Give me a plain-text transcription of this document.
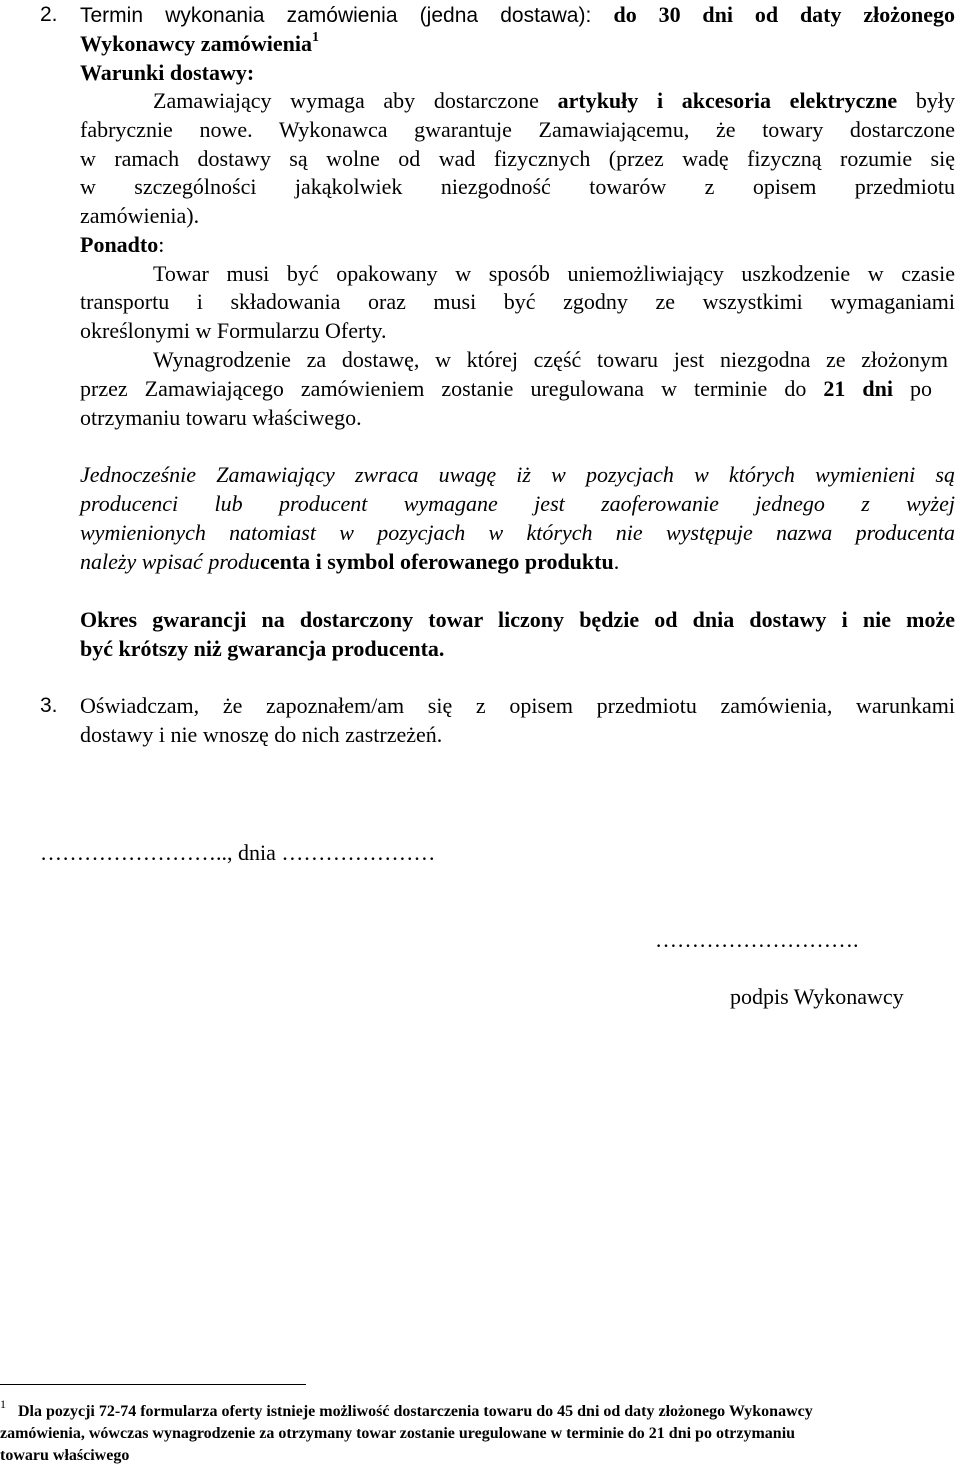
2. Termin wykonania zamówienia (jedna dostawa): do 30 dni od daty złożonego
Wykonawcy zamówienia$^1$
Warunki dostawy:
Zamawiający wymaga aby dostarczone artykuły i akcesoria elektryczne były
fabrycznie nowe. Wykonawca gwarantuje Zamawiającemu, że towary dostarczone
w ramach dostawy są wolne od wad fizycznych (przez wadę fizyczną rozumie się
w szczególności jakąkolwiek niezgodność towarów z opisem przedmiotu
zamówienia).
Ponadto:
Towar musi być opakowany w sposób uniemożliwiający uszkodzenie w czasie
transportu i składowania oraz musi być zgodny ze wszystkimi wymaganiami
określonymi w Formularzu Oferty.
Wynagrodzenie za dostawę, w której część towaru jest niezgodna ze złożonym
przez Zamawiającego zamówieniem zostanie uregulowana w terminie do 21 dni po
otrzymaniu towaru właściwego.
Jednocześnie Zamawiający zwraca uwagę iż w pozycjach w których wymienieni są
producenci lub producent wymagane jest zaoferowanie jednego z wyżej
wymienionych natomiast w pozycjach w których nie występuje nazwa producenta
należy wpisać producenta i symbol oferowanego produktu.
Okres gwarancji na dostarczony towar liczony będzie od dnia dostawy i nie może
być krótszy niż gwarancja producenta.
3. Oświadczam, że zapoznałem/am się z opisem przedmiotu zamówienia, warunkami
dostawy i nie wnoszę do nich zastrzeżeń.
…………………….., dnia …………………
……………………….
podpis Wykonawcy
1 Dla pozycji 72-74 formularza oferty istnieje możliwość dostarczenia towaru do 45 dni od daty złożonego Wykonawcy
zamówienia, wówczas wynagrodzenie za otrzymany towar zostanie uregulowane w terminie do 21 dni po otrzymaniu
towaru właściwego
